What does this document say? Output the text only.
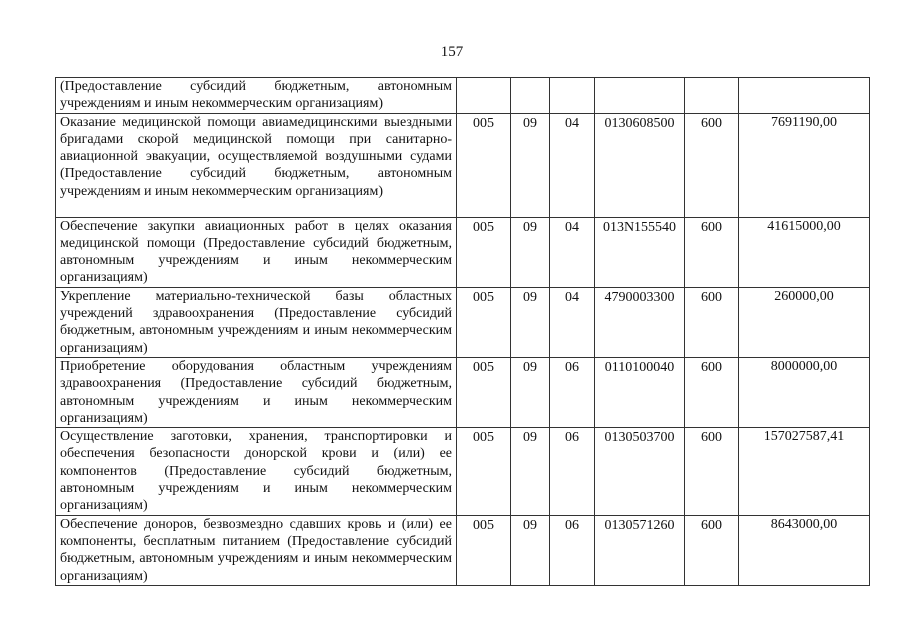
157
(Предоставление субсидий бюджетным, автономным учреждениям и иным некоммерческим организациям)						
Оказание медицинской помощи авиамедицинскими выездными бригадами скорой медицинской помощи при санитарно-авиационной эвакуации, осуществляемой воздушными судами (Предоставление субсидий бюджетным, автономным учреждениям и иным некоммерческим организациям)	005	09	04	0130608500	600	7691190,00
Обеспечение закупки авиационных работ в целях оказания медицинской помощи (Предоставление субсидий бюджетным, автономным учреждениям и иным некоммерческим организациям)	005	09	04	013N155540	600	41615000,00
Укрепление материально-технической базы областных учреждений здравоохранения (Предоставление субсидий бюджетным, автономным учреждениям и иным некоммерческим организациям)	005	09	04	4790003300	600	260000,00
Приобретение оборудования областным учреждениям здравоохранения (Предоставление субсидий бюджетным, автономным учреждениям и иным некоммерческим организациям)	005	09	06	0110100040	600	8000000,00
Осуществление заготовки, хранения, транспортировки и обеспечения безопасности донорской крови и (или) ее компонентов (Предоставление субсидий бюджетным, автономным учреждениям и иным некоммерческим организациям)	005	09	06	0130503700	600	157027587,41
Обеспечение доноров, безвозмездно сдавших кровь и (или) ее компоненты, бесплатным питанием (Предоставление субсидий бюджетным, автономным учреждениям и иным некоммерческим организациям)	005	09	06	0130571260	600	8643000,00
